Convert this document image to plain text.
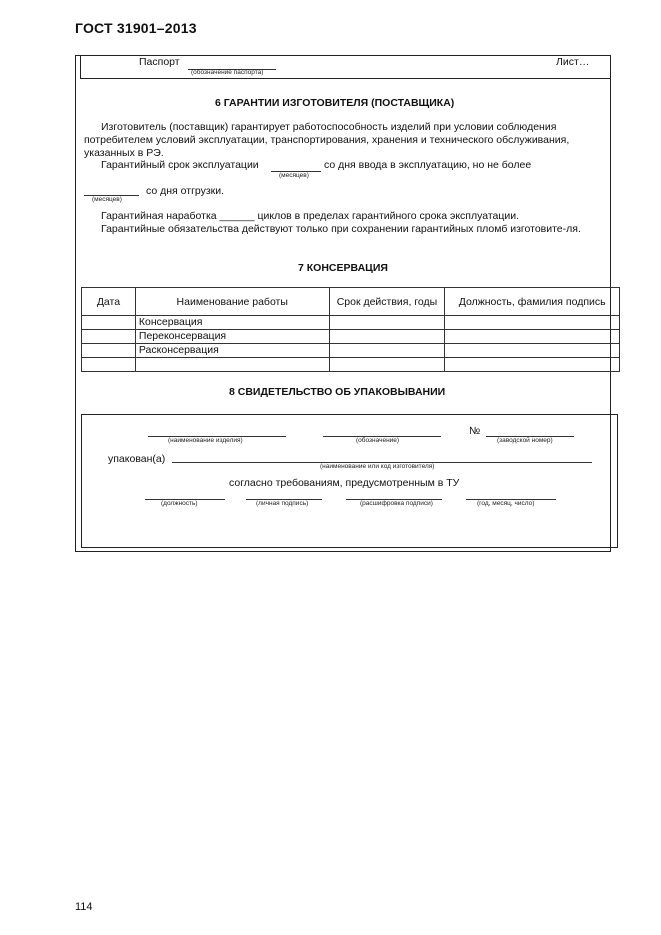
ГОСТ 31901–2013
Паспорт
(обозначение паспорта)
Лист…
6 ГАРАНТИИ ИЗГОТОВИТЕЛЯ (ПОСТАВЩИКА)
Изготовитель (поставщик) гарантирует работоспособность изделий при условии соблюдения потребителем условий эксплуатации, транспортирования, хранения и технического обслуживания, указанных в РЭ.
Гарантийный срок эксплуатации
(месяцев)
со дня ввода в эксплуатацию, но не более
(месяцев)
со дня отгрузки.
Гарантийная наработка ______ циклов в пределах гарантийного срока эксплуатации.
Гарантийные обязательства действуют только при сохранении гарантийных пломб изготовите-ля.
7 КОНСЕРВАЦИЯ
Дата	Наименование работы	Срок действия, годы	Должность, фамилия подпись
	Консервация		
	Переконсервация		
	Расконсервация		

8 СВИДЕТЕЛЬСТВО ОБ УПАКОВЫВАНИИ
(наименование изделия)	(обозначение)
№
(заводской номер)
упакован(а)
(наименование или код изготовителя)
согласно требованиям, предусмотренным в ТУ
(должность)	(личная подпись)	(расшифровка подписи)	(год, месяц, число)
114
